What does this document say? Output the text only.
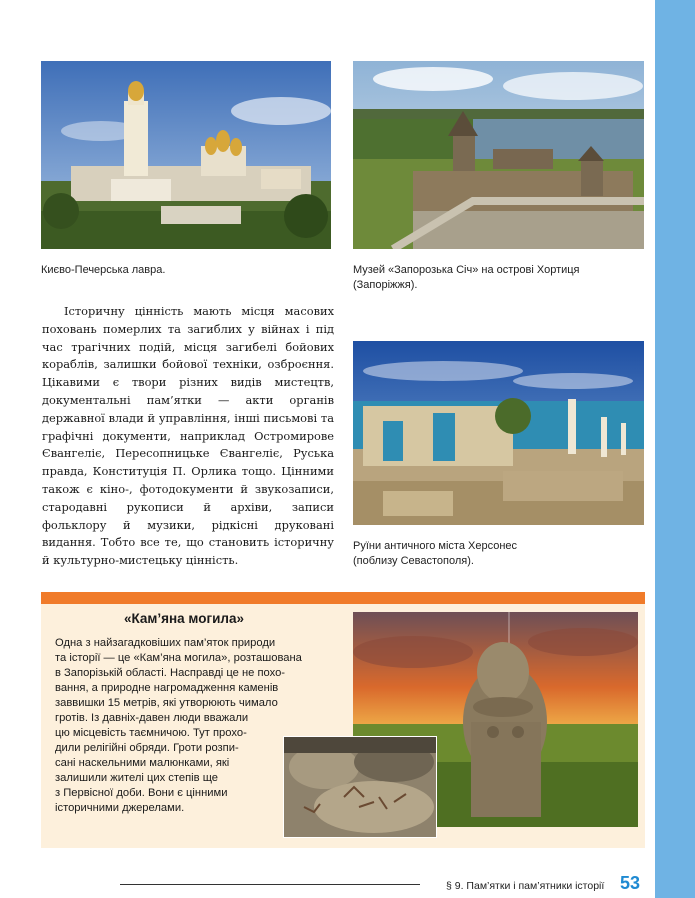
Києво-Печерська лавра.	Музей «Запорозька Січ» на острові Хортиця
(Запоріжжя).
Руїни античного міста Херсонес
(поблизу Севастополя).

Історичну цінність мають місця масових поховань померлих та загиблих у війнах і під час трагічних подій, місця загибелі бойових кораблів, залишки бойової техніки, озброєння. Цікавими є твори різних видів мистецтв, документальні пам’ятки — акти органів державної влади й управління, інші письмові та графічні документи, наприклад Остромирове Євангеліє, Пересопницьке Євангеліє, Руська правда, Конституція П. Орлика тощо. Цінними також є кіно-, фотодокументи й звукозаписи, стародавні рукописи й архіви, записи фольклору й музики, рідкісні друковані видання. Тобто все те, що становить історичну й культурно-мистецьку цінність.

«Кам’яна могила»
Одна з найзагадковіших пам’яток природи
та історії — це «Кам’яна могила», розташована
в Запорізькій області. Насправді це не похо-
вання, а природне нагромадження каменів
заввишки 15 метрів, які утворюють чимало
гротів. Із давніх-давен люди вважали
цю місцевість таємничою. Тут прохо-
дили релігійні обряди. Гроти розпи-
сані наскельними малюнками, які
залишили жителі цих степів ще
з Первісної доби. Вони є цінними
історичними джерелами.
§ 9. Пам’ятки і пам’ятники історії 53
